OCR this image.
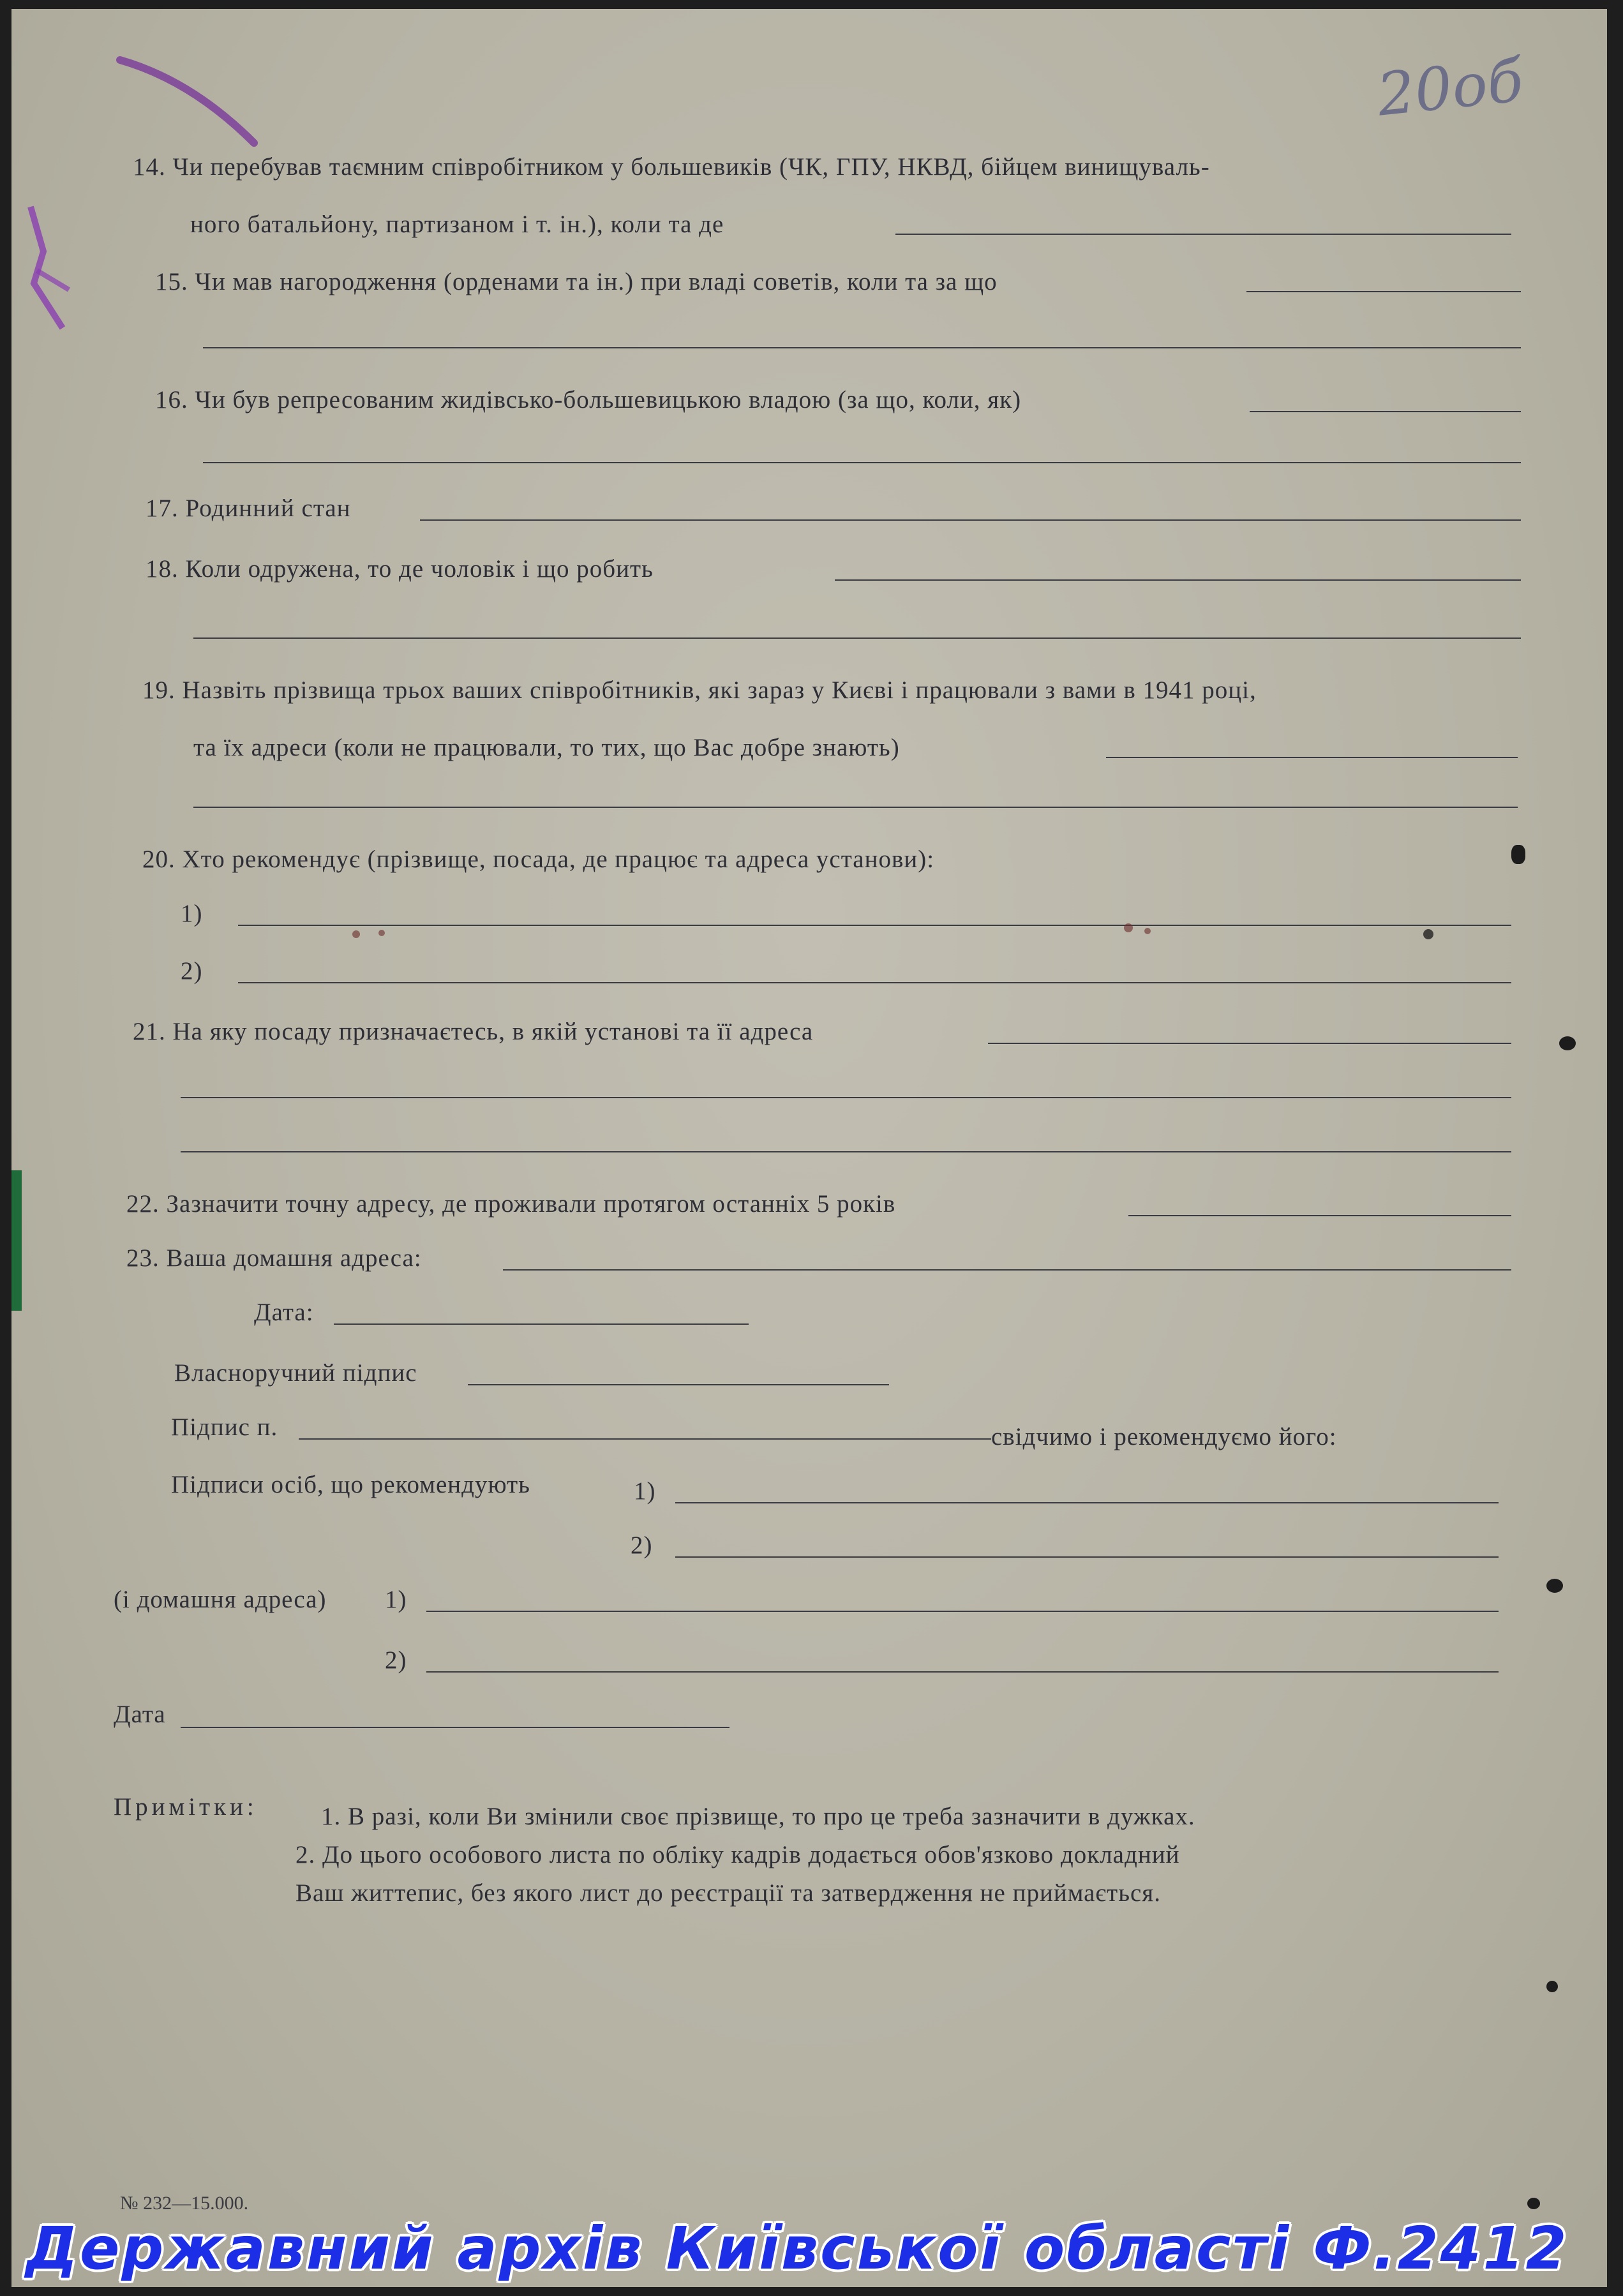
20об
14. Чи перебував таємним співробітником у большевиків (ЧК, ГПУ, НКВД, бійцем винищуваль-
ного батальйону, партизаном і т. ін.), коли та де
15. Чи мав нагородження (орденами та ін.) при владі советів, коли та за що
16. Чи був репресованим жидівсько-большевицькою владою (за що, коли, як)
17. Родинний стан
18. Коли одружена, то де чоловік і що робить
19. Назвіть прізвища трьох ваших співробітників, які зараз у Києві і працювали з вами в 1941 році,
та їх адреси (коли не працювали, то тих, що Вас добре знають)
20. Хто рекомендує (прізвище, посада, де працює та адреса установи):
1)
2)
21. На яку посаду призначаєтесь, в якій установі та її адреса
22. Зазначити точну адресу, де проживали протягом останніх 5 років
23. Ваша домашня адреса:
Дата:
Власноручний підпис
Підпис п.	свідчимо і рекомендуємо його:
Підписи осіб, що рекомендують	1)
2)
(і домашня адреса) 1)
2)
Дата
Примітки:	1. В разі, коли Ви змінили своє прізвище, то про це треба зазначити в дужках.
2. До цього особового листа по обліку кадрів додається обов'язково докладний
Ваш життепис, без якого лист до реєстрації та затвердження не приймається.
№ 232—15.000.
Державний архів Київської області Ф.2412
